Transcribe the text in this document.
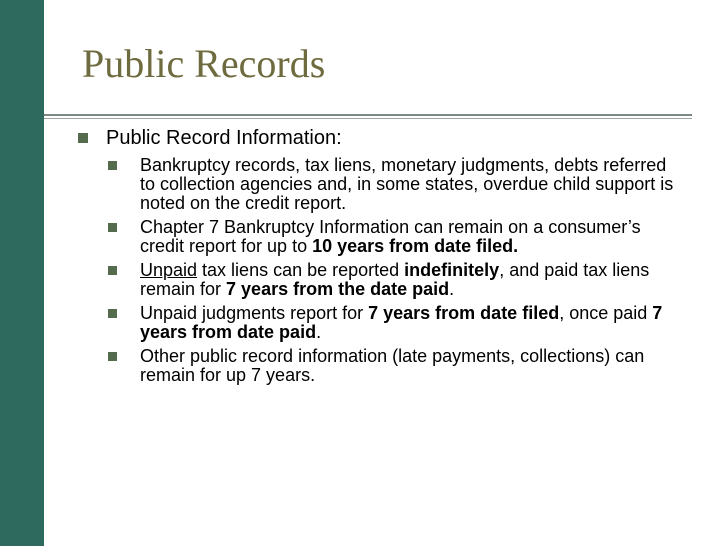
Public Records
Public Record Information:
Bankruptcy records, tax liens, monetary judgments, debts referred to collection agencies and, in some states, overdue child support is noted on the credit report.
Chapter 7 Bankruptcy Information can remain on a consumer’s credit report for up to 10 years from date filed.
Unpaid tax liens can be reported indefinitely, and paid tax liens remain for 7 years from the date paid.
Unpaid judgments report for 7 years from date filed, once paid 7 years from date paid.
Other public record information (late payments, collections) can remain for up 7 years.
